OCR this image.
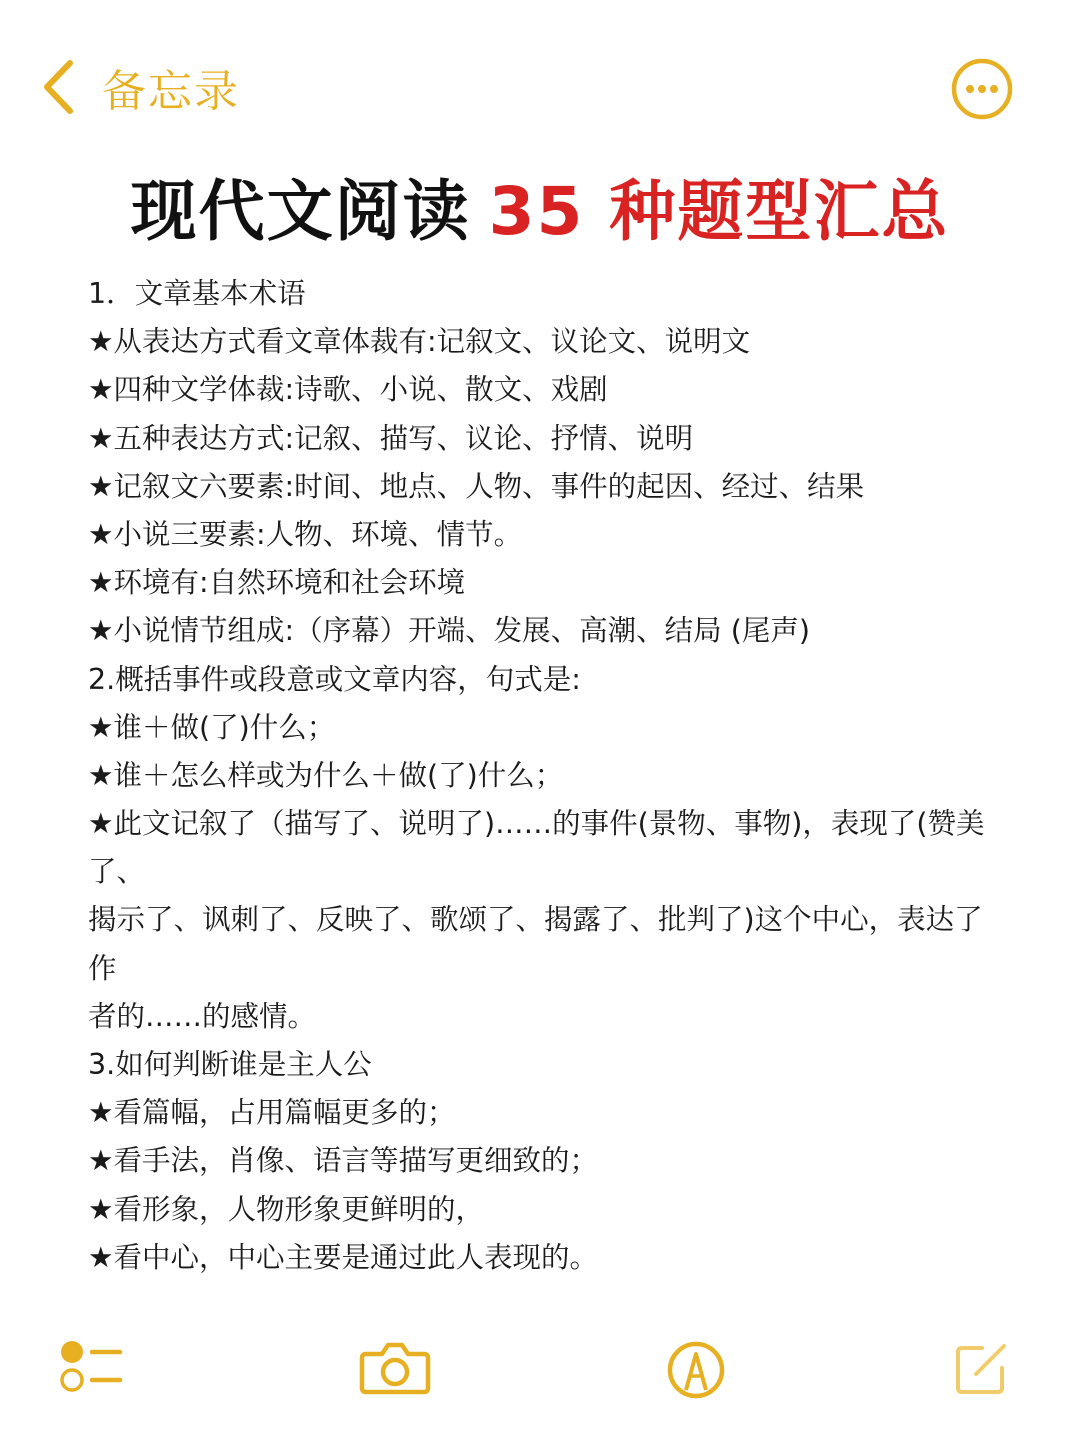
备忘录
现代文阅读 35 种题型汇总
1．文章基本术语
★从表达方式看文章体裁有:记叙文、议论文、说明文
★四种文学体裁:诗歌、小说、散文、戏剧
★五种表达方式:记叙、描写、议论、抒情、说明
★记叙文六要素:时间、地点、人物、事件的起因、经过、结果
★小说三要素:人物、环境、情节。
★环境有:自然环境和社会环境
★小说情节组成:（序幕）开端、发展、高潮、结局 (尾声)
2.概括事件或段意或文章内容，句式是:
★谁＋做(了)什么；
★谁＋怎么样或为什么＋做(了)什么；
★此文记叙了（描写了、说明了)……的事件(景物、事物)，表现了(赞美
了、
揭示了、讽刺了、反映了、歌颂了、揭露了、批判了)这个中心，表达了
作
者的……的感情。
3.如何判断谁是主人公
★看篇幅，占用篇幅更多的；
★看手法，肖像、语言等描写更细致的；
★看形象，人物形象更鲜明的，
★看中心，中心主要是通过此人表现的。
